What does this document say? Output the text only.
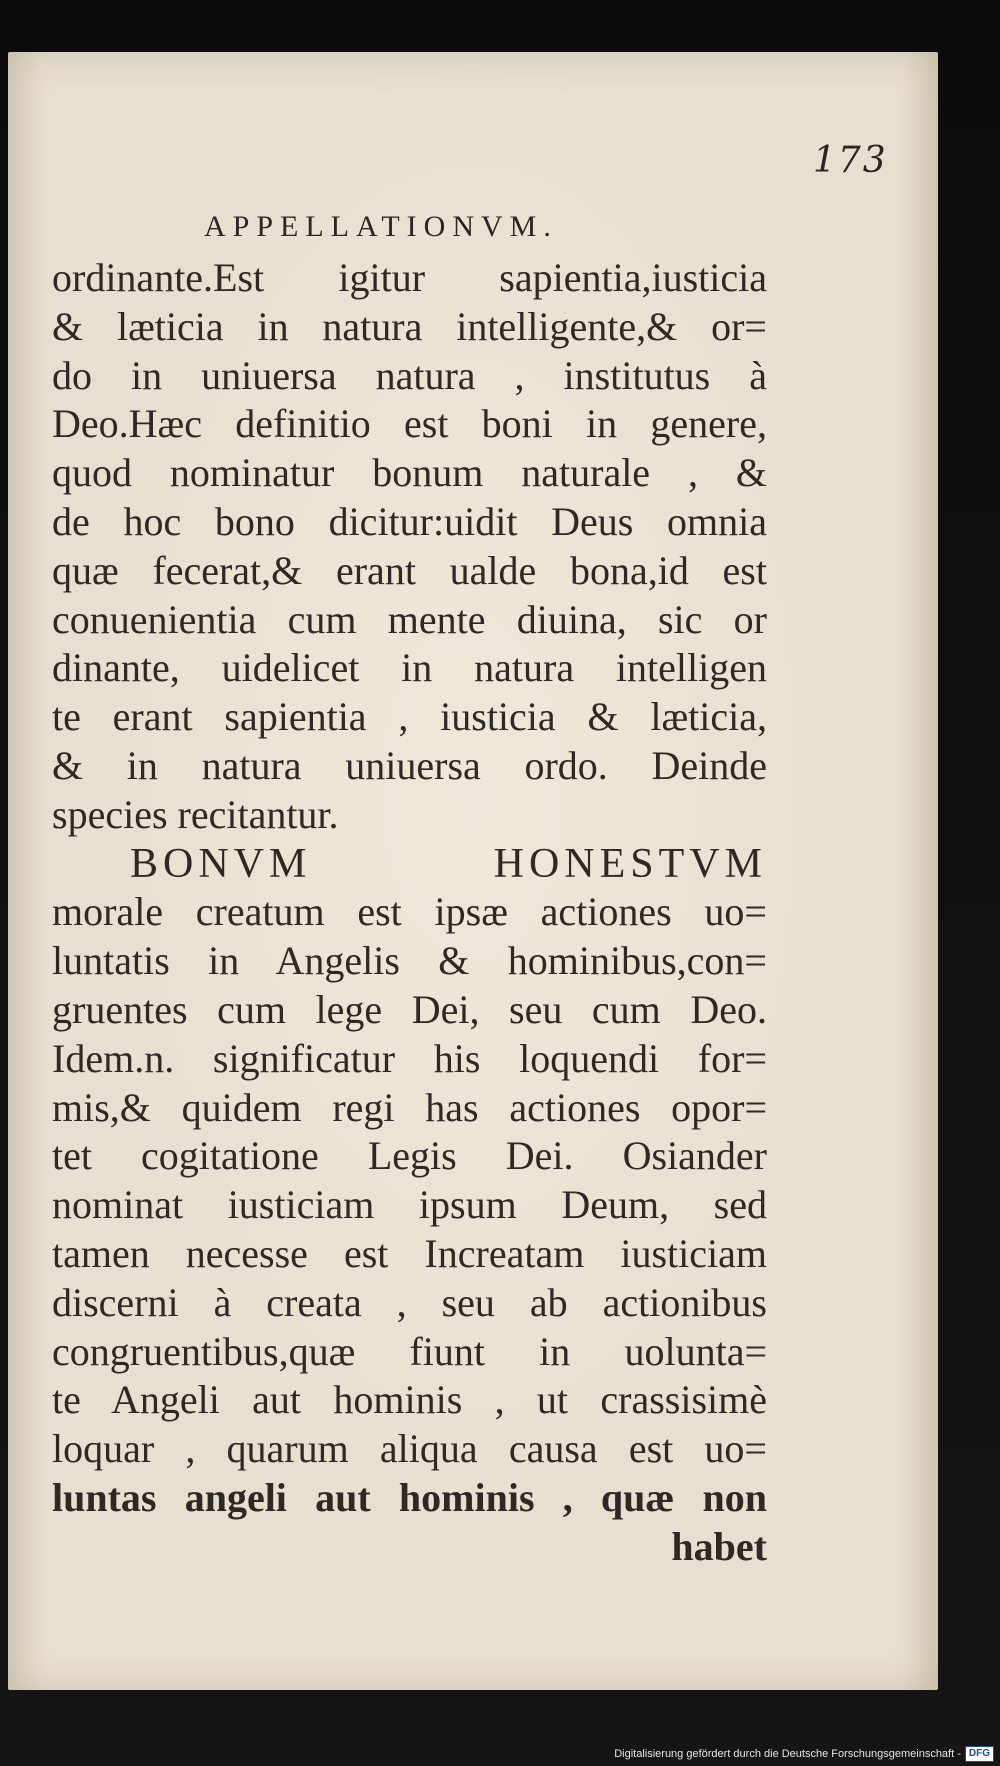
173
APPELLATIONVM.
ordinante.Est igitur sapientia,iusticia
& læticia in natura intelligente,& or=
do in uniuersa natura , institutus à
Deo.Hæc definitio est boni in genere,
quod nominatur bonum naturale , &
de hoc bono dicitur:uidit Deus omnia
quæ fecerat,& erant ualde bona,id est
conuenientia cum mente diuina, sic or
dinante, uidelicet in natura intelligen
te erant sapientia , iusticia & læticia,
& in natura uniuersa ordo. Deinde
species recitantur.
BONVM HONESTVM
morale creatum est ipsæ actiones uo=
luntatis in Angelis & hominibus,con=
gruentes cum lege Dei, seu cum Deo.
Idem.n. significatur his loquendi for=
mis,& quidem regi has actiones opor=
tet cogitatione Legis Dei. Osiander
nominat iusticiam ipsum Deum, sed
tamen necesse est Increatam iusticiam
discerni à creata , seu ab actionibus
congruentibus,quæ fiunt in uolunta=
te Angeli aut hominis , ut crassisimè
loquar , quarum aliqua causa est uo=
luntas angeli aut hominis , quæ non
habet
Digitalisierung gefördert durch die Deutsche Forschungsgemeinschaft - DFG
